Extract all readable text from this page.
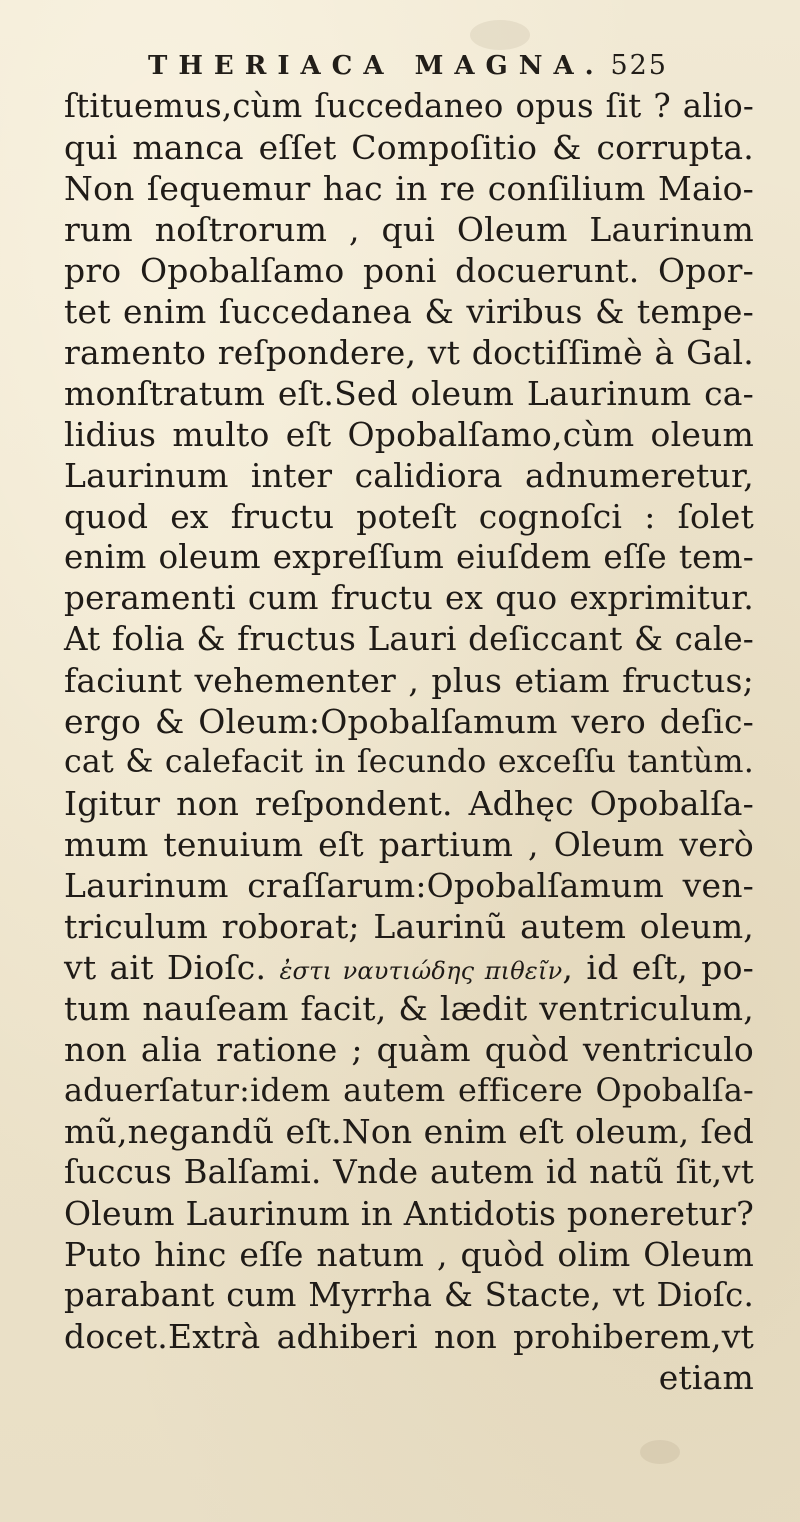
THERIACA MAGNA. 525
ſtituemus,cùm ſuccedaneo opus ſit ? alio-
qui manca eſſet Compoſitio & corrupta.
Non ſequemur hac in re conſilium Maio-
rum noſtrorum , qui Oleum Laurinum
pro Opobalſamo poni docuerunt. Opor-
tet enim ſuccedanea & viribus & tempe-
ramento reſpondere, vt doctiſſimè à Gal.
monſtratum eſt.Sed oleum Laurinum ca-
lidius multo eſt Opobalſamo,cùm oleum
Laurinum inter calidiora adnumeretur,
quod ex fructu poteſt cognoſci : ſolet
enim oleum expreſſum eiuſdem eſſe tem-
peramenti cum fructu ex quo exprimitur.
At folia & fructus Lauri deſiccant & cale-
faciunt vehementer , plus etiam fructus;
ergo & Oleum:Opobalſamum vero deſic-
cat & calefacit in ſecundo exceſſu tantùm.
Igitur non reſpondent. Adhęc Opobalſa-
mum tenuium eſt partium , Oleum verò
Laurinum craſſarum:Opobalſamum ven-
triculum roborat; Laurinũ autem oleum,
vt ait Dioſc. ἐστι ναυτιώδης πιθεῖν, id eſt, po-
tum nauſeam facit, & lædit ventriculum,
non alia ratione ; quàm quòd ventriculo
aduerſatur:idem autem efficere Opobalſa-
mũ,negandũ eſt.Non enim eſt oleum, ſed
ſuccus Balſami. Vnde autem id natũ ſit,vt
Oleum Laurinum in Antidotis poneretur?
Puto hinc eſſe natum , quòd olim Oleum
parabant cum Myrrha & Stacte, vt Dioſc.
docet.Extrà adhiberi non prohiberem,vt
etiam
